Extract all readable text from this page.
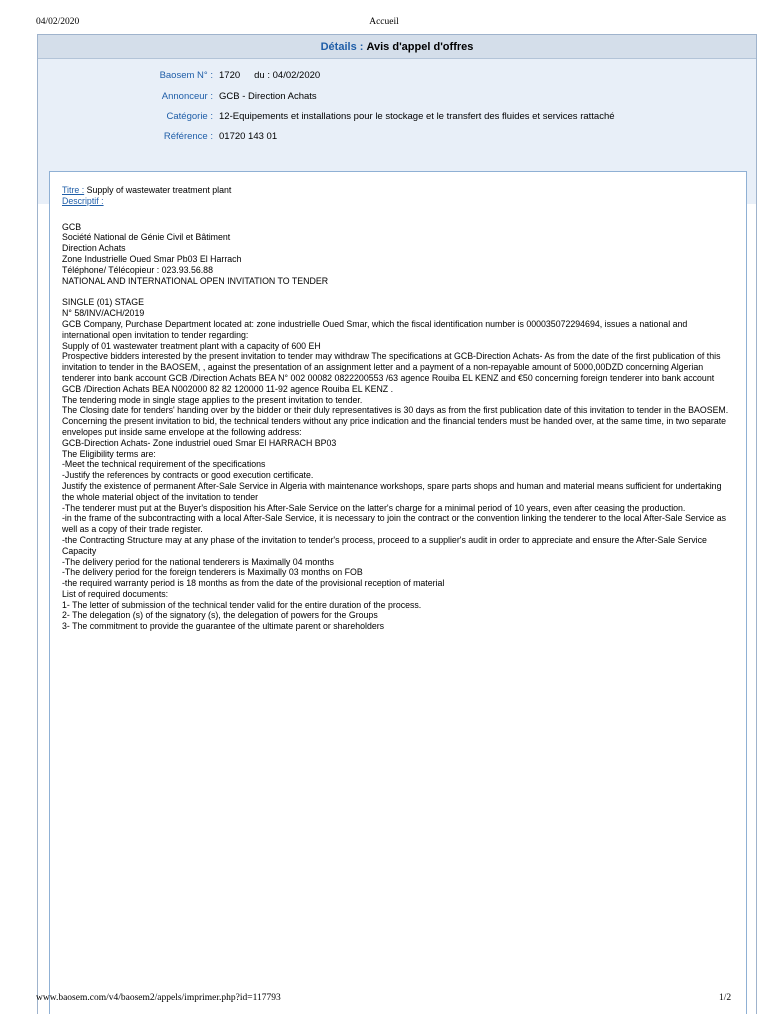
04/02/2020	Accueil
Détails : Avis d'appel d'offres
Baosem N° : 1720 du : 04/02/2020
Annonceur : GCB - Direction Achats
Catégorie : 12-Equipements et installations pour le stockage et le transfert des fluides et services rattaché
Référence : 01720 143 01

Titre : Supply of wastewater treatment plant

Descriptif :

GCB

Société National de Génie Civil et Bâtiment

Direction Achats

Zone Industrielle Oued Smar Pb03 El Harrach

Téléphone/ Télécopieur : 023.93.56.88

NATIONAL AND INTERNATIONAL OPEN INVITATION TO TENDER

SINGLE (01) STAGE

N° 58/INV/ACH/2019

GCB Company, Purchase Department located at: zone industrielle Oued Smar, which the fiscal identification number is 000035072294694, issues a national and international open invitation to tender regarding:

Supply of 01 wastewater treatment plant with a capacity of 600 EH

Prospective bidders interested by the present invitation to tender may withdraw The specifications at GCB-Direction Achats- As from the date of the first publication of this invitation to tender in the BAOSEM, , against the presentation of an assignment letter and a payment of a non-repayable amount of 5000,00DZD concerning Algerian tenderer into bank account GCB /Direction Achats BEA N° 002 00082 0822200553 /63 agence Rouiba EL KENZ and €50 concerning foreign tenderer into bank account GCB /Direction Achats BEA N002000 82 82 120000 11-92 agence Rouiba EL KENZ .

The tendering mode in single stage applies to the present invitation to tender.

The Closing date for tenders' handing over by the bidder or their duly representatives is 30 days as from the first publication date of this invitation to tender in the BAOSEM.

Concerning the present invitation to bid, the technical tenders without any price indication and the financial tenders must be handed over, at the same time, in two separate envelopes put inside same envelope at the following address:

GCB-Direction Achats- Zone industriel oued Smar El HARRACH BP03

The Eligibility terms are:

-Meet the technical requirement of the specifications

-Justify the references by contracts or good execution certificate.

Justify the existence of permanent After-Sale Service in Algeria with maintenance workshops, spare parts shops and human and material means sufficient for undertaking the whole material object of the invitation to tender

-The tenderer must put at the Buyer's disposition his After-Sale Service on the latter's charge for a minimal period of 10 years, even after ceasing the production.

-in the frame of the subcontracting with a local After-Sale Service, it is necessary to join the contract or the convention linking the tenderer to the local After-Sale Service as well as a copy of their trade register.

-the Contracting Structure may at any phase of the invitation to tender's process, proceed to a supplier's audit in order to appreciate and ensure the After-Sale Service Capacity

-The delivery period for the national tenderers is Maximally 04 months

-The delivery period for the foreign tenderers is Maximally 03 months on FOB

-the required warranty period is 18 months as from the date of the provisional reception of material

List of required documents:

1- The letter of submission of the technical tender valid for the entire duration of the process.

2- The delegation (s) of the signatory (s), the delegation of powers for the Groups

3- The commitment to provide the guarantee of the ultimate parent or shareholders

www.baosem.com/v4/baosem2/appels/imprimer.php?id=117793	1/2
